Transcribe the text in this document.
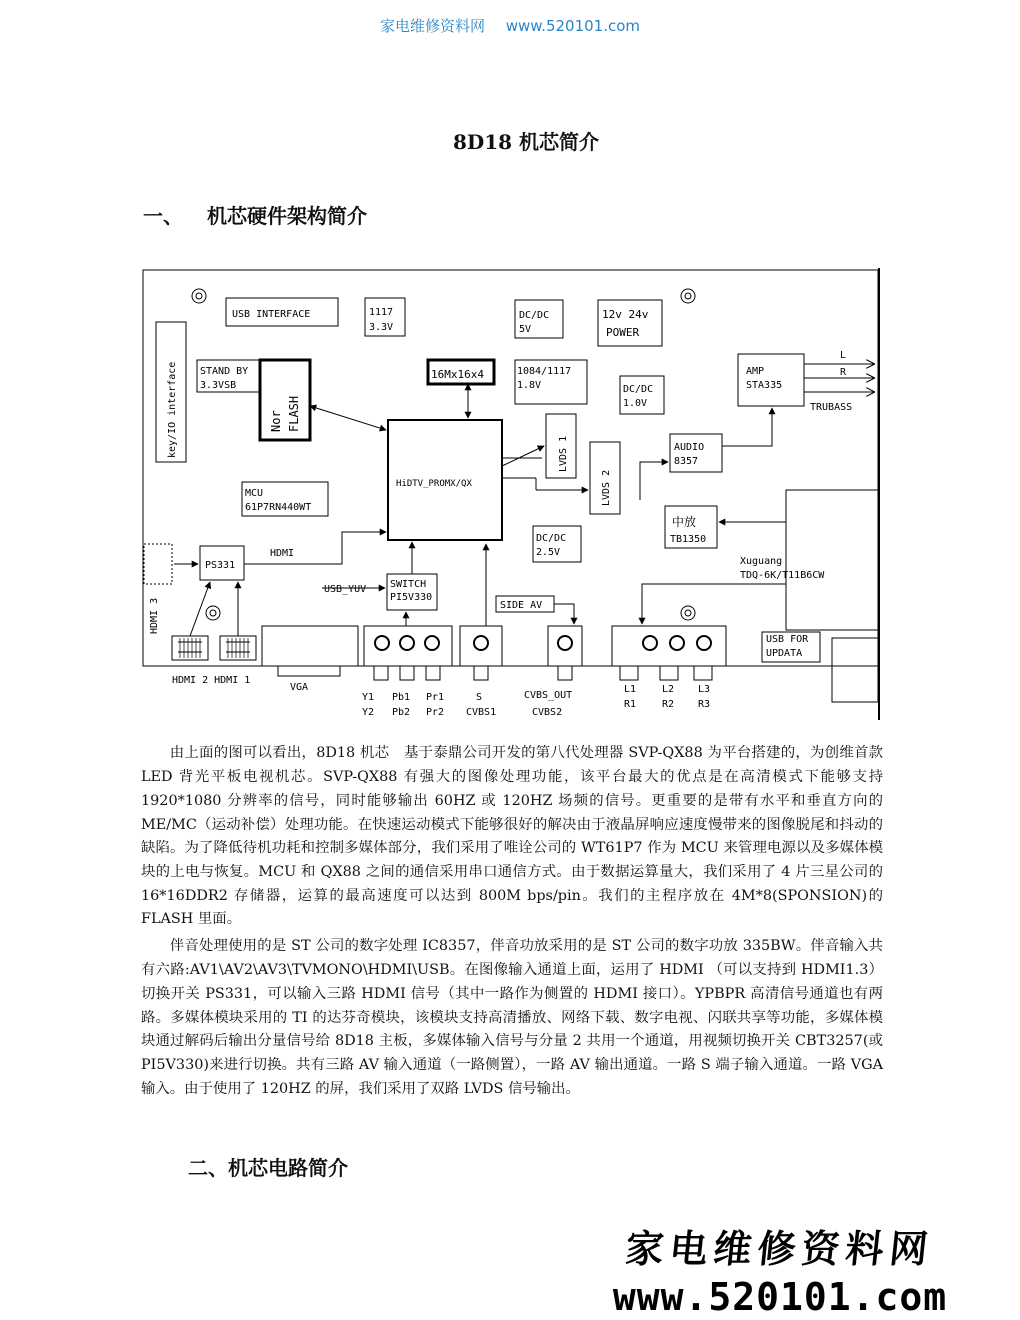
家电维修资料网 www.520101.com
8D18 机芯简介
一、 机芯硬件架构简介
USB INTERFACE	1117
3.3V
DC/DC
5V
12v 24v
POWER
key/IO interface STAND BY
3.3VSB
Nor FLASH
16Mx16x4	1084/1117
1.8V	DC/DC
1.0V
AMP
STA335
L
R
TRUBASS
HiDTV_PROMX/QX
LVDS 1
LVDS 2
AUDIO
8357
MCU
61P7RN440WT
DC/DC
2.5V
中放
TB1350
Xuguang
TDQ-6K/T11B6CW
PS331
HDMI
USB_YUV SWITCH
PI5V330
SIDE AV
HDMI 3
USB FOR
UPDATA
HDMI 2 HDMI 1
VGA
Y1
Y2
Pb1
Pb2
Pr1
Pr2
S
CVBS1
CVBS_OUT
CVBS2
L1
R1
L2
R2
L3
R3

由上面的图可以看出，8D18 机芯　基于泰鼎公司开发的第八代处理器 SVP-QX88 为平台搭建的，为创维首款 LED 背光平板电视机芯。SVP-QX88 有强大的图像处理功能，该平台最大的优点是在高清模式下能够支持 1920*1080 分辨率的信号，同时能够输出 60HZ 或 120HZ 场频的信号。更重要的是带有水平和垂直方向的 ME/MC（运动补偿）处理功能。在快速运动模式下能够很好的解决由于液晶屏响应速度慢带来的图像脱尾和抖动的缺陷。为了降低待机功耗和控制多媒体部分，我们采用了唯诠公司的 WT61P7 作为 MCU 来管理电源以及多媒体模块的上电与恢复。MCU 和 QX88 之间的通信采用串口通信方式。由于数据运算量大，我们采用了 4 片三星公司的 16*16DDR2 存储器，运算的最高速度可以达到 800M bps/pin。我们的主程序放在 4M*8(SPONSION)的 FLASH 里面。

伴音处理使用的是 ST 公司的数字处理 IC8357，伴音功放采用的是 ST 公司的数字功放 335BW。伴音输入共有六路:AV1\AV2\AV3\TVMONO\HDMI\USB。在图像输入通道上面，运用了 HDMI （可以支持到 HDMI1.3）切换开关 PS331，可以输入三路 HDMI 信号（其中一路作为侧置的 HDMI 接口）。YPBPR 高清信号通道也有两路。多媒体模块采用的 TI 的达芬奇模块，该模块支持高清播放、网络下载、数字电视、闪联共享等功能，多媒体模块通过解码后输出分量信号给 8D18 主板，多媒体输入信号与分量 2 共用一个通道，用视频切换开关 CBT3257(或 PI5V330)来进行切换。共有三路 AV 输入通道（一路侧置），一路 AV 输出通道。一路 S 端子输入通道。一路 VGA 输入。由于使用了 120HZ 的屏，我们采用了双路 LVDS 信号输出。

二、机芯电路简介
家电维修资料网
www.520101.com
